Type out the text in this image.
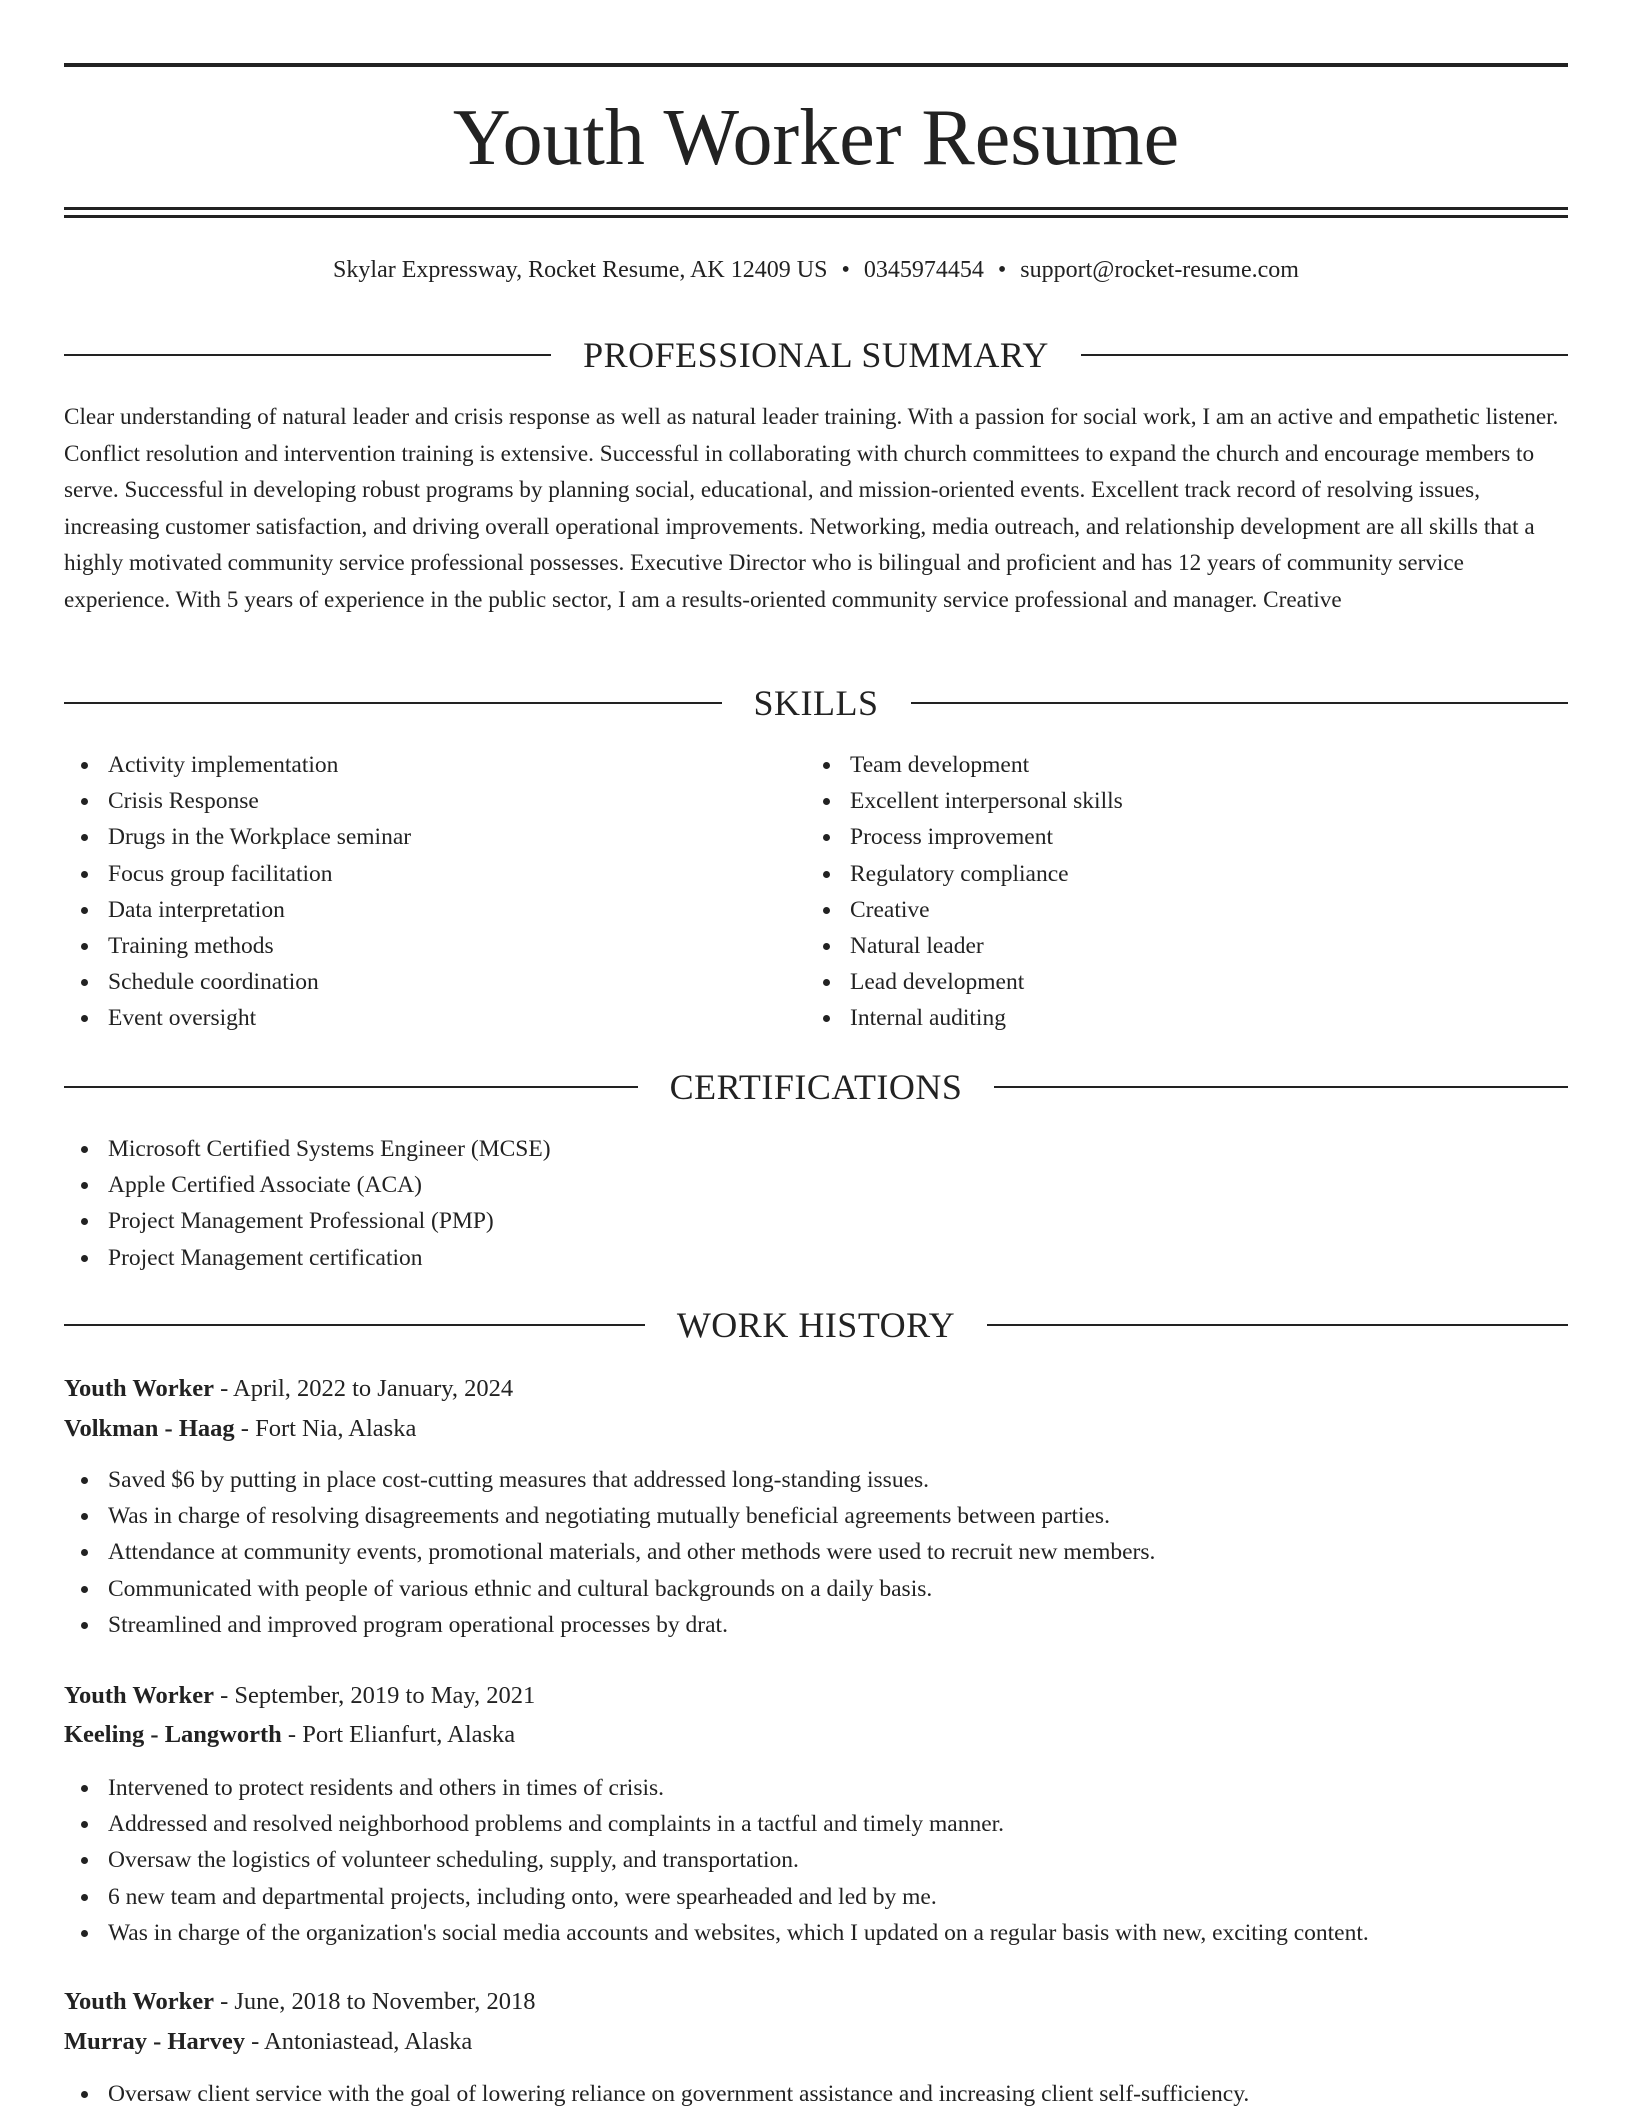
Youth Worker Resume
Skylar Expressway, Rocket Resume, AK 12409 US • 0345974454 • support@rocket-resume.com
PROFESSIONAL SUMMARY

Clear understanding of natural leader and crisis response as well as natural leader training. With a passion for social work, I am an active and empathetic listener. Conflict resolution and intervention training is extensive. Successful in collaborating with church committees to expand the church and encourage members to serve. Successful in developing robust programs by planning social, educational, and mission-oriented events. Excellent track record of resolving issues, increasing customer satisfaction, and driving overall operational improvements. Networking, media outreach, and relationship development are all skills that a highly motivated community service professional possesses. Executive Director who is bilingual and proficient and has 12 years of community service experience. With 5 years of experience in the public sector, I am a results-oriented community service professional and manager. Creative

SKILLS
Activity implementation
Crisis Response
Drugs in the Workplace seminar
Focus group facilitation
Data interpretation
Training methods
Schedule coordination
Event oversight
Team development
Excellent interpersonal skills
Process improvement
Regulatory compliance
Creative
Natural leader
Lead development
Internal auditing
CERTIFICATIONS
Microsoft Certified Systems Engineer (MCSE)
Apple Certified Associate (ACA)
Project Management Professional (PMP)
Project Management certification
WORK HISTORY
Youth Worker - April, 2022 to January, 2024
Volkman - Haag - Fort Nia, Alaska
Saved $6 by putting in place cost-cutting measures that addressed long-standing issues.
Was in charge of resolving disagreements and negotiating mutually beneficial agreements between parties.
Attendance at community events, promotional materials, and other methods were used to recruit new members.
Communicated with people of various ethnic and cultural backgrounds on a daily basis.
Streamlined and improved program operational processes by drat.
Youth Worker - September, 2019 to May, 2021
Keeling - Langworth - Port Elianfurt, Alaska
Intervened to protect residents and others in times of crisis.
Addressed and resolved neighborhood problems and complaints in a tactful and timely manner.
Oversaw the logistics of volunteer scheduling, supply, and transportation.
6 new team and departmental projects, including onto, were spearheaded and led by me.
Was in charge of the organization's social media accounts and websites, which I updated on a regular basis with new, exciting content.
Youth Worker - June, 2018 to November, 2018
Murray - Harvey - Antoniastead, Alaska
Oversaw client service with the goal of lowering reliance on government assistance and increasing client self-sufficiency.
